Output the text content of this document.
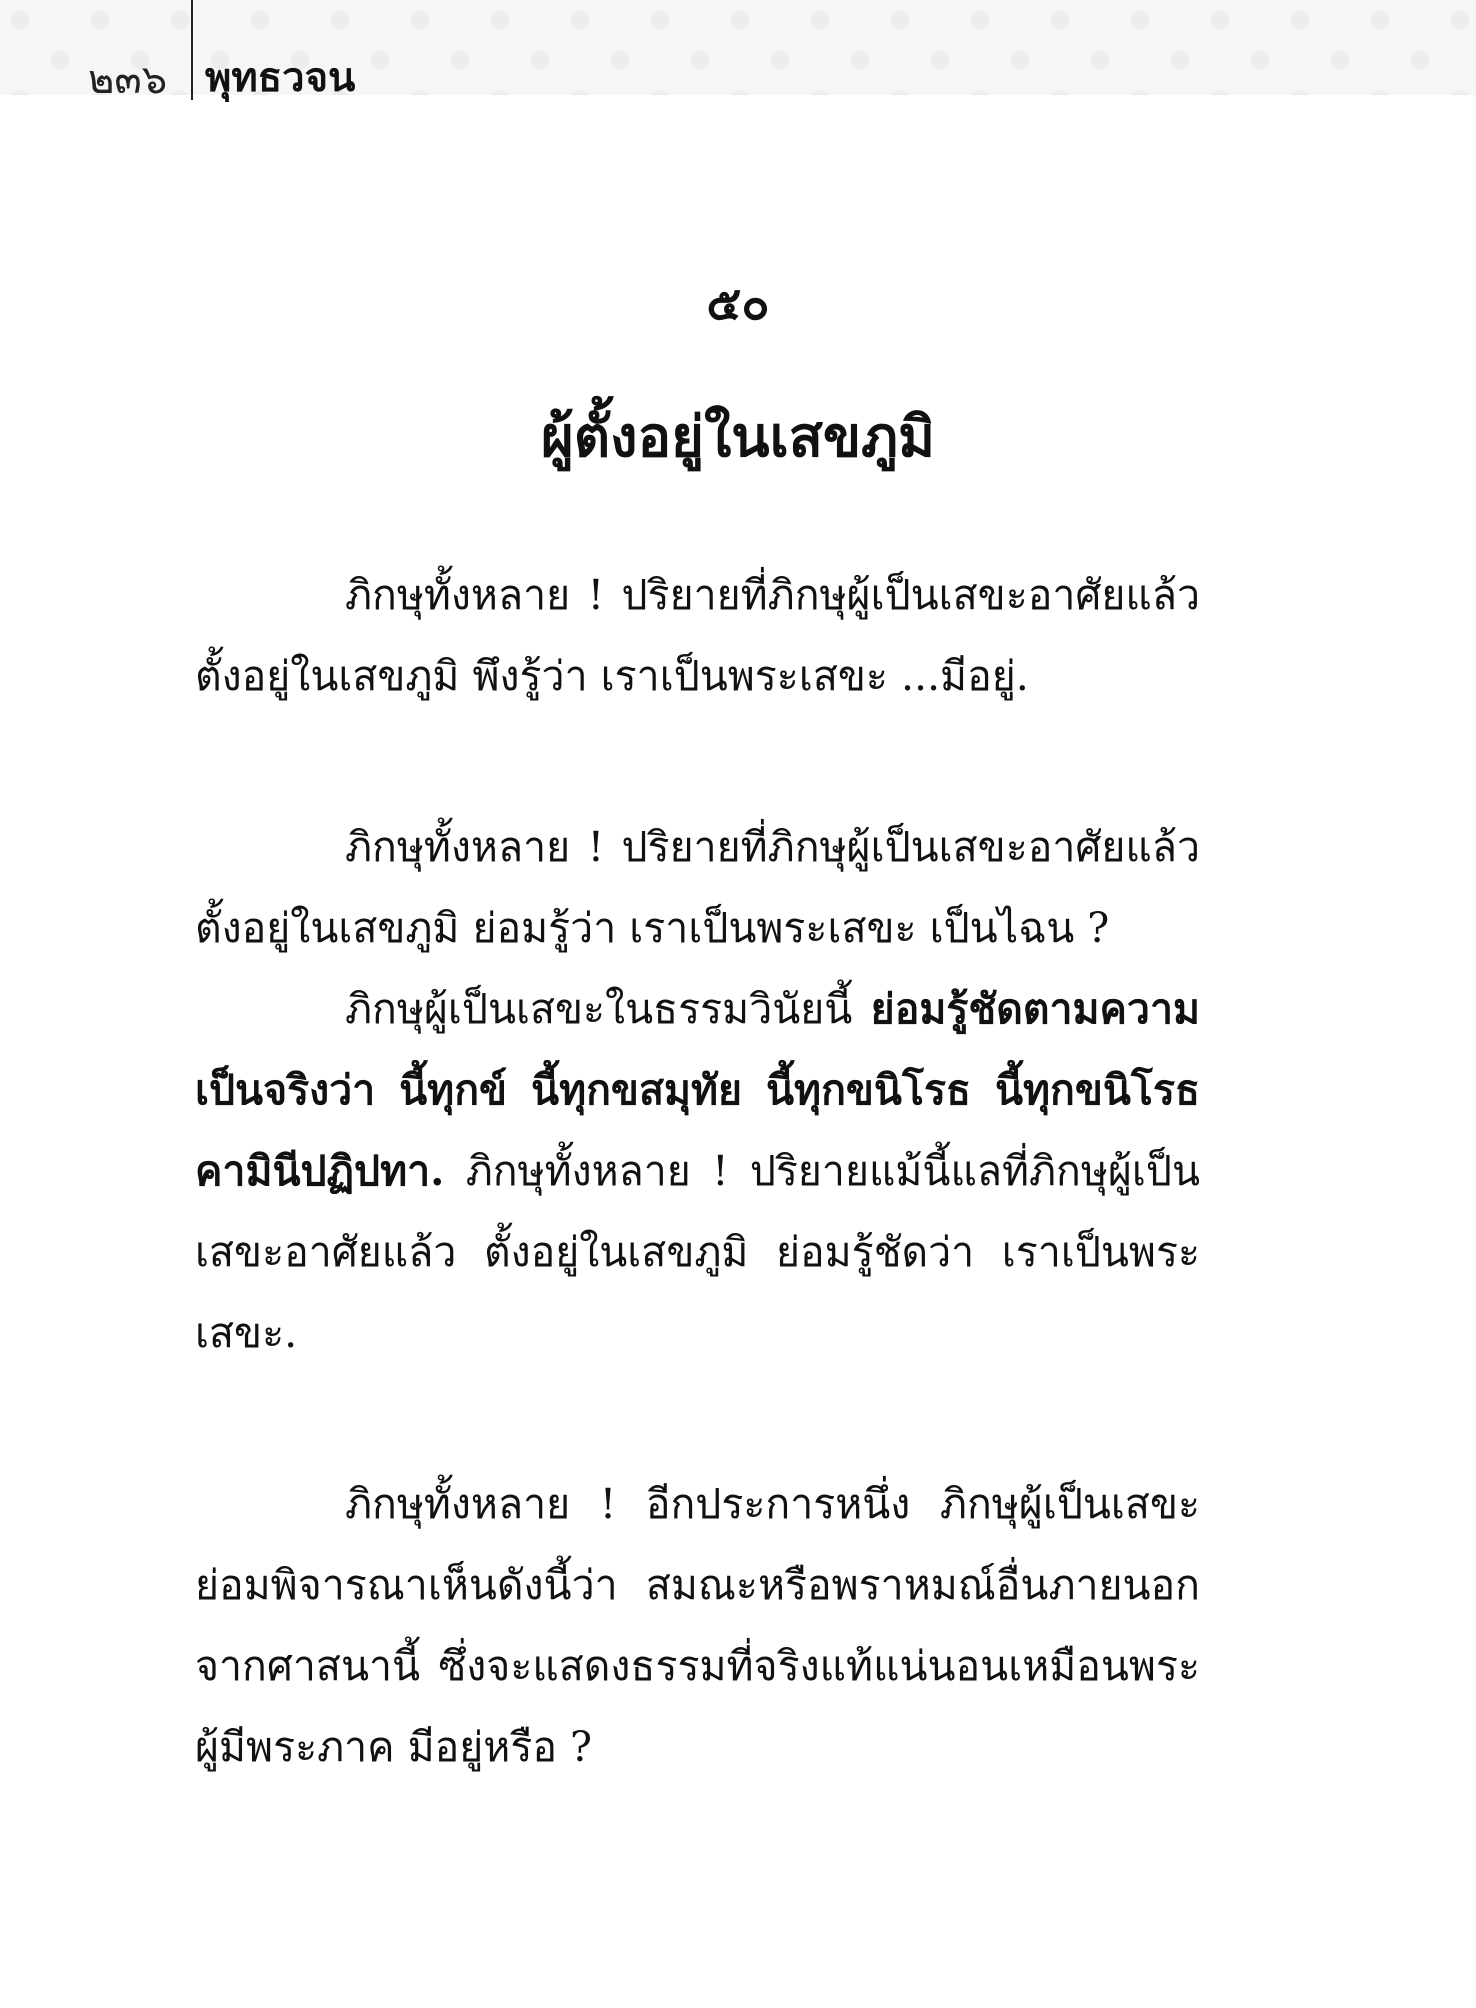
๒๓๖ พุทธวจน
๕๐
ผู้ตั้งอยู่ในเสขภูมิ

ภิกษุทั้งหลาย ! ปริยายที่ภิกษุผู้เป็นเสขะอาศัยแล้ว ตั้งอยู่ในเสขภูมิ พึงรู้ว่า เราเป็นพระเสขะ ...มีอยู่.

ภิกษุทั้งหลาย ! ปริยายที่ภิกษุผู้เป็นเสขะอาศัยแล้ว ตั้งอยู่ในเสขภูมิ ย่อมรู้ว่า เราเป็นพระเสขะ เป็นไฉน ?

ภิกษุผู้เป็นเสขะในธรรมวินัยนี้ ย่อมรู้ชัดตามความเป็นจริงว่า นี้ทุกข์ นี้ทุกขสมุทัย นี้ทุกขนิโรธ นี้ทุกขนิโรธคามินีปฏิปทา. ภิกษุทั้งหลาย ! ปริยายแม้นี้แลที่ภิกษุผู้เป็นเสขะอาศัยแล้ว ตั้งอยู่ในเสขภูมิ ย่อมรู้ชัดว่า เราเป็นพระเสขะ.

ภิกษุทั้งหลาย ! อีกประการหนึ่ง ภิกษุผู้เป็นเสขะย่อมพิจารณาเห็นดังนี้ว่า สมณะหรือพราหมณ์อื่นภายนอกจากศาสนานี้ ซึ่งจะแสดงธรรมที่จริงแท้แน่นอนเหมือนพระผู้มีพระภาค มีอยู่หรือ ?
